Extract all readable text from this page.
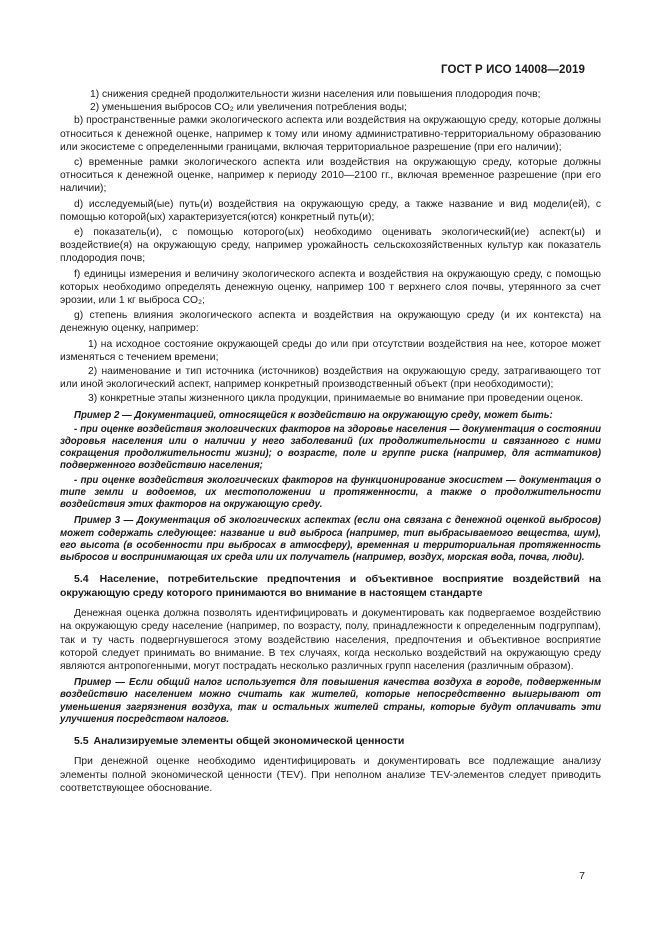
ГОСТ Р ИСО 14008—2019

1) снижения средней продолжительности жизни населения или повышения плодородия почв;

2) уменьшения выбросов CO₂ или увеличения потребления воды;

b) пространственные рамки экологического аспекта или воздействия на окружающую среду, которые должны относиться к денежной оценке, например к тому или иному административно-территориальному образованию или экосистеме с определенными границами, включая территориальное разрешение (при его наличии);

c) временные рамки экологического аспекта или воздействия на окружающую среду, которые должны относиться к денежной оценке, например к периоду 2010—2100 гг., включая временное разрешение (при его наличии);

d) исследуемый(ые) путь(и) воздействия на окружающую среду, а также название и вид модели(ей), с помощью которой(ых) характеризуется(ются) конкретный путь(и);

e) показатель(и), с помощью которого(ых) необходимо оценивать экологический(ие) аспект(ы) и воздействие(я) на окружающую среду, например урожайность сельскохозяйственных культур как показатель плодородия почв;

f) единицы измерения и величину экологического аспекта и воздействия на окружающую среду, с помощью которых необходимо определять денежную оценку, например 100 т верхнего слоя почвы, утерянного за счет эрозии, или 1 кг выброса CO₂;

g) степень влияния экологического аспекта и воздействия на окружающую среду (и их контекста) на денежную оценку, например:

1) на исходное состояние окружающей среды до или при отсутствии воздействия на нее, которое может изменяться с течением времени;

2) наименование и тип источника (источников) воздействия на окружающую среду, затрагивающего тот или иной экологический аспект, например конкретный производственный объект (при необходимости);

3) конкретные этапы жизненного цикла продукции, принимаемые во внимание при проведении оценок.

Пример 2 — Документацией, относящейся к воздействию на окружающую среду, может быть:

- при оценке воздействия экологических факторов на здоровье населения — документация о состоянии здоровья населения или о наличии у него заболеваний (их продолжительности и связанного с ними сокращения продолжительности жизни); о возрасте, поле и группе риска (например, для астматиков) подверженного воздействию населения;

- при оценке воздействия экологических факторов на функционирование экосистем — документация о типе земли и водоемов, их местоположении и протяженности, а также о продолжительности воздействия этих факторов на окружающую среду.

Пример 3 — Документация об экологических аспектах (если она связана с денежной оценкой выбросов) может содержать следующее: название и вид выброса (например, тип выбрасываемого вещества, шум), его высота (в особенности при выбросах в атмосферу), временная и территориальная протяженность выбросов и воспринимающая их среда или их получатель (например, воздух, морская вода, почва, люди).

5.4 Население, потребительские предпочтения и объективное восприятие воздействий на окружающую среду которого принимаются во внимание в настоящем стандарте

Денежная оценка должна позволять идентифицировать и документировать как подвергаемое воздействию на окружающую среду население (например, по возрасту, полу, принадлежности к определенным подгруппам), так и ту часть подвергнувшегося этому воздействию населения, предпочтения и объективное восприятие которой следует принимать во внимание. В тех случаях, когда несколько воздействий на окружающую среду являются антропогенными, могут пострадать несколько различных групп населения (различным образом).

Пример — Если общий налог используется для повышения качества воздуха в городе, подверженным воздействию населением можно считать как жителей, которые непосредственно выигрывают от уменьшения загрязнения воздуха, так и остальных жителей страны, которые будут оплачивать эти улучшения посредством налогов.

5.5 Анализируемые элементы общей экономической ценности

При денежной оценке необходимо идентифицировать и документировать все подлежащие анализу элементы полной экономической ценности (TEV). При неполном анализе TEV-элементов следует приводить соответствующее обоснование.

7
